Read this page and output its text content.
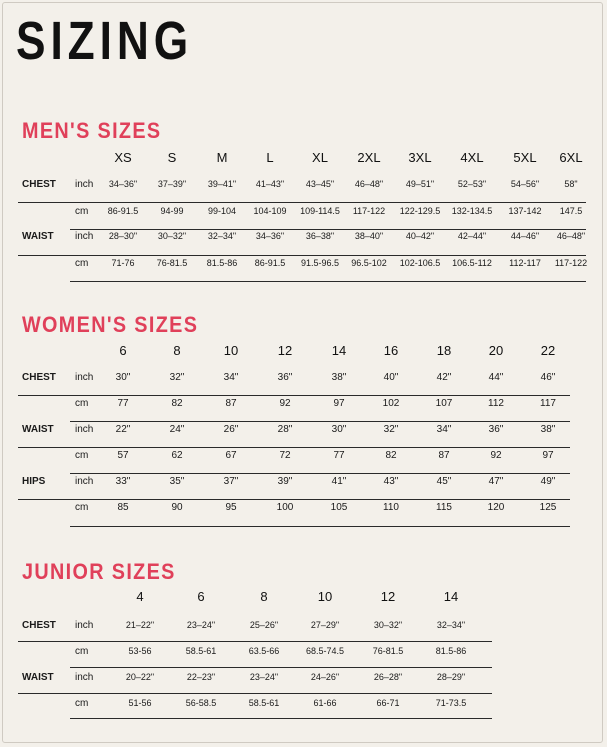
SIZING
MEN'S SIZES
XS	S	M	L	XL 2XL 3XL 4XL 5XL 6XL
CHEST inch 34–36" 37–39" 39–41" 41–43" 43–45" 46–48"	49–51"	52–53"	54–56"	58"
cm 86-91.5 94-99	99-104 104-109 109-114.5 117-122 122-129.5 132-134.5 137-142 147.5
WAIST inch 28–30" 30–32" 32–34" 34–36" 36–38" 38–40"	40–42"	42–44"	44–46" 46–48"
cm	71-76 76-81.5 81.5-86 86-91.5 91.5-96.5 96.5-102 102-106.5 106.5-112 112-117 117-122
WOMEN'S SIZES
6	8	10	12	14	16	18	20	22
CHEST inch 30"	32"	34"	36"	38"	40"	42"	44"	46"
cm	77	82	87	92	97	102	107	112	117
WAIST inch 22"	24"	26"	28"	30"	32"	34"	36"	38"
cm	57	62	67	72	77	82	87	92	97
HIPS	inch 33"	35"	37"	39"	41"	43"	45"	47"	49"
cm	85	90	95	100	105	110	115	120	125
JUNIOR SIZES
4	6	8	10	12	14
CHEST inch	21–22"	23–24"	25–26"	27–29"	30–32"	32–34"
cm	53-56	58.5-61	63.5-66	68.5-74.5	76-81.5	81.5-86
WAIST inch	20–22"	22–23"	23–24"	24–26"	26–28"	28–29"
cm	51-56	56-58.5	58.5-61	61-66	66-71	71-73.5
